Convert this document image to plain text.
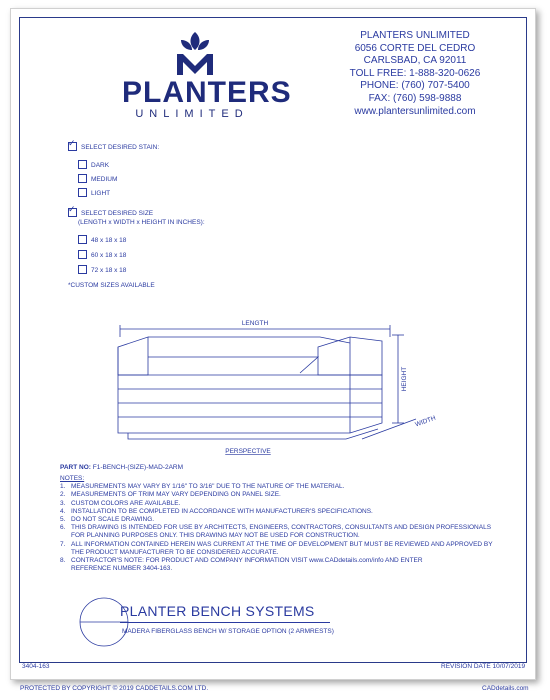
PLANTERS
UNLIMITED
PLANTERS UNLIMITED
6056 CORTE DEL CEDRO
CARLSBAD, CA 92011
TOLL FREE: 1-888-320-0626
PHONE: (760) 707-5400
FAX: (760) 598-9888
www.plantersunlimited.com
✓ SELECT DESIRED STAIN:
DARK
MEDIUM
LIGHT
✓ SELECT DESIRED SIZE
(LENGTH x WIDTH x HEIGHT IN INCHES):
48 x 18 x 18
60 x 18 x 18
72 x 18 x 18
*CUSTOM SIZES AVAILABLE
LENGTH
HEIGHT
WIDTH
PERSPECTIVE
PART NO: F1-BENCH-(SIZE)-MAD-2ARM
NOTES:
1. MEASUREMENTS MAY VARY BY 1/16" TO 3/16" DUE TO THE NATURE OF THE MATERIAL.
2. MEASUREMENTS OF TRIM MAY VARY DEPENDING ON PANEL SIZE.
3. CUSTOM COLORS ARE AVAILABLE.
4. INSTALLATION TO BE COMPLETED IN ACCORDANCE WITH MANUFACTURER'S SPECIFICATIONS.
5. DO NOT SCALE DRAWING.
6. THIS DRAWING IS INTENDED FOR USE BY ARCHITECTS, ENGINEERS, CONTRACTORS, CONSULTANTS AND DESIGN PROFESSIONALS
FOR PLANNING PURPOSES ONLY. THIS DRAWING MAY NOT BE USED FOR CONSTRUCTION.
7. ALL INFORMATION CONTAINED HEREIN WAS CURRENT AT THE TIME OF DEVELOPMENT BUT MUST BE REVIEWED AND APPROVED BY
THE PRODUCT MANUFACTURER TO BE CONSIDERED ACCURATE.
8. CONTRACTOR'S NOTE: FOR PRODUCT AND COMPANY INFORMATION VISIT www.CADdetails.com/info AND ENTER
REFERENCE NUMBER 3404-163.
PLANTER BENCH SYSTEMS
MADERA FIBERGLASS BENCH W/ STORAGE OPTION (2 ARMRESTS)
3404-163	REVISION DATE 10/07/2019
PROTECTED BY COPYRIGHT © 2019 CADDETAILS.COM LTD.	CADdetails.com
